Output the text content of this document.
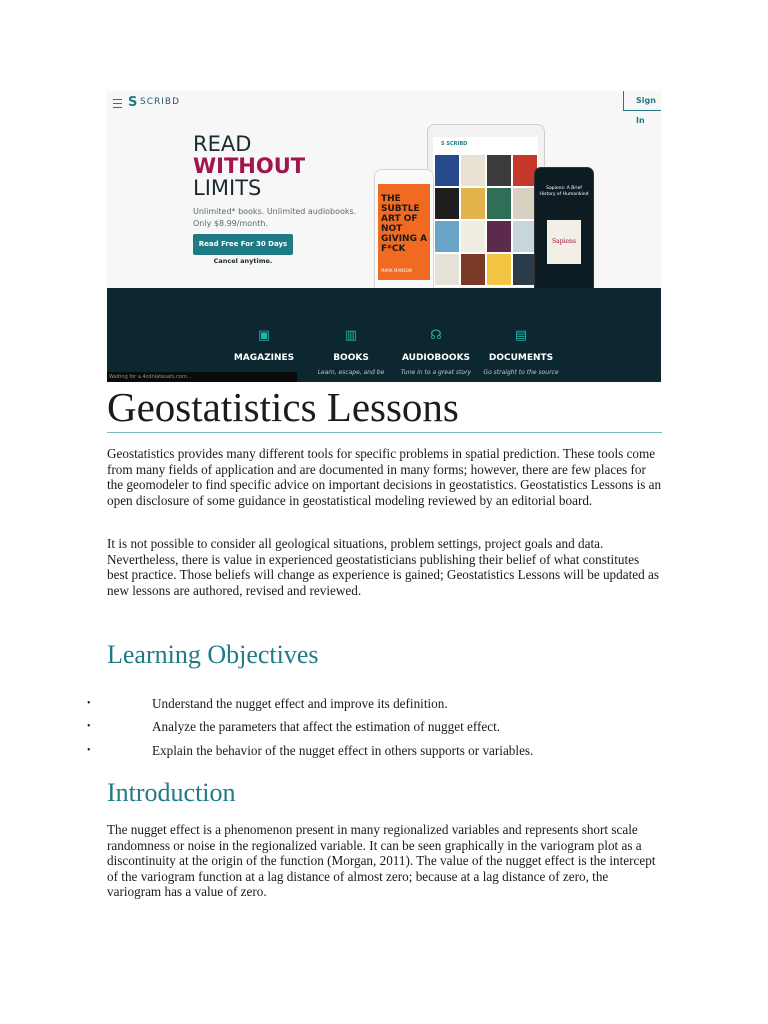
S SCRIBD	Sign In
READ
WITHOUT
LIMITS
Unlimited* books. Unlimited audiobooks. Only $8.99/month.
Read Free For 30 Days
Cancel anytime.
S SCRIBD
THE SUBTLE ART OF NOT GIVING A F*CK
MARK MANSON
Sapiens: A Brief History of Humankind
Sapiens
▣
MAGAZINES
▥
BOOKS
Learn, escape, and be
☊
AUDIOBOOKS
Tune in to a great story
▤
DOCUMENTS
Go straight to the source
Waiting for a.4cdnlatasats.com...
Geostatistics Lessons

Geostatistics provides many different tools for specific problems in spatial prediction. These tools come from many fields of application and are documented in many forms; however, there are few places for the geomodeler to find specific advice on important decisions in geostatistics. Geostatistics Lessons is an open disclosure of some guidance in geostatistical modeling reviewed by an editorial board.

It is not possible to consider all geological situations, problem settings, project goals and data. Nevertheless, there is value in experienced geostatisticians publishing their belief of what constitutes best practice. Those beliefs will change as experience is gained; Geostatistics Lessons will be updated as new lessons are authored, revised and reviewed.

Learning Objectives
•	Understand the nugget effect and improve its definition.
•	Analyze the parameters that affect the estimation of nugget effect.
•	Explain the behavior of the nugget effect in others supports or variables.
Introduction

The nugget effect is a phenomenon present in many regionalized variables and represents short scale randomness or noise in the regionalized variable. It can be seen graphically in the variogram plot as a discontinuity at the origin of the function (Morgan, 2011). The value of the nugget effect is the intercept of the variogram function at a lag distance of almost zero; because at a lag distance of zero, the variogram has a value of zero.
